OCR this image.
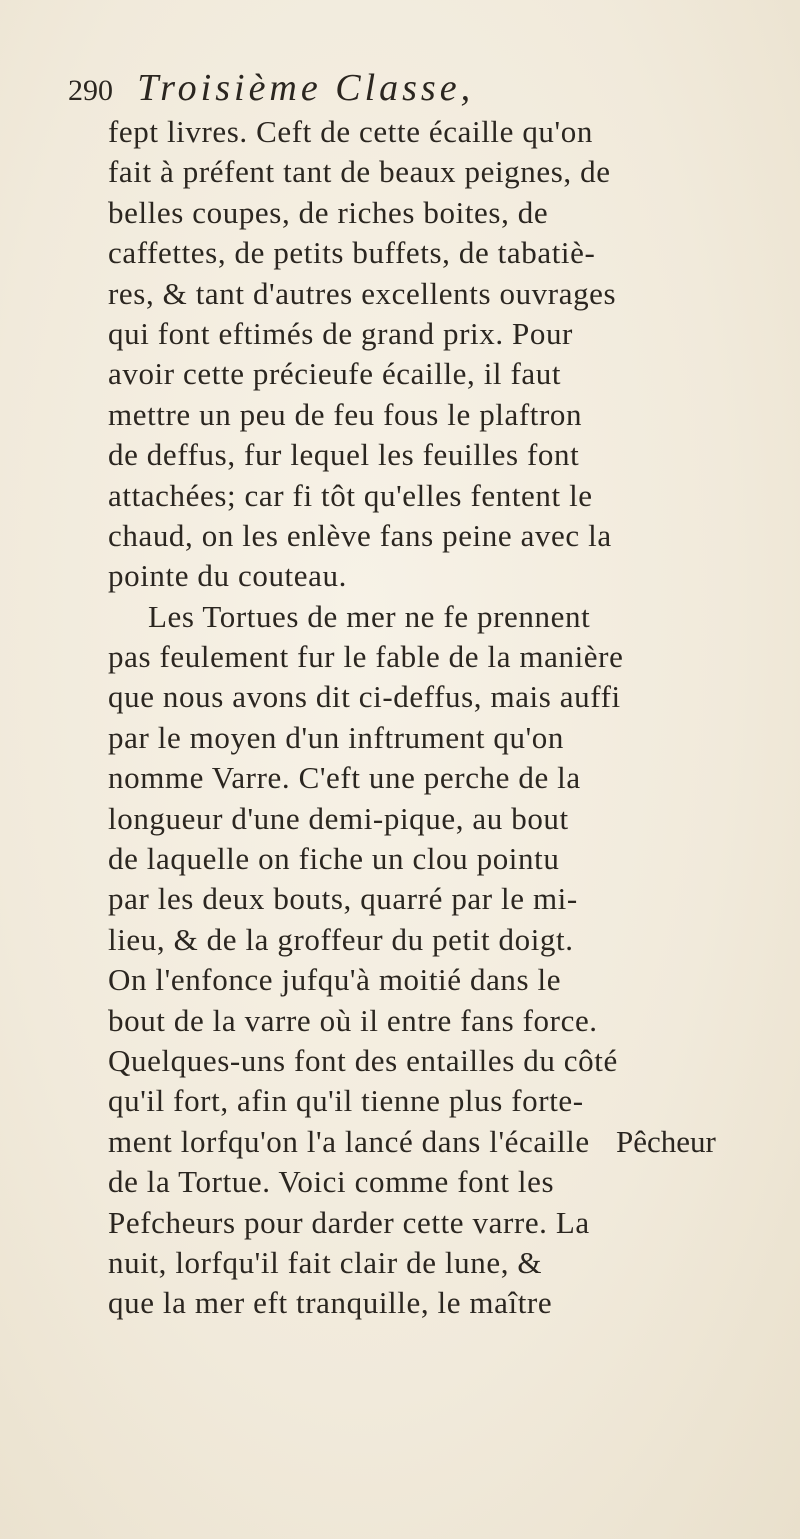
290 Troisième Classe,
fept livres. Ceft de cette écaille qu'on
fait à préfent tant de beaux peignes, de
belles coupes, de riches boites, de
caffettes, de petits buffets, de tabatiè-
res, & tant d'autres excellents ouvrages
qui font eftimés de grand prix. Pour
avoir cette précieufe écaille, il faut
mettre un peu de feu fous le plaftron
de deffus, fur lequel les feuilles font
attachées; car fi tôt qu'elles fentent le
chaud, on les enlève fans peine avec la
pointe du couteau.
Les Tortues de mer ne fe prennent
pas feulement fur le fable de la manière
que nous avons dit ci-deffus, mais auffi
par le moyen d'un inftrument qu'on
nomme Varre. C'eft une perche de la
longueur d'une demi-pique, au bout
de laquelle on fiche un clou pointu
par les deux bouts, quarré par le mi-
lieu, & de la groffeur du petit doigt.
On l'enfonce jufqu'à moitié dans le
bout de la varre où il entre fans force.
Quelques-uns font des entailles du côté
qu'il fort, afin qu'il tienne plus forte-
ment lorfqu'on l'a lancé dans l'écaille
de la Tortue. Voici comme font les
Pefcheurs pour darder cette varre. La
nuit, lorfqu'il fait clair de lune, &
que la mer eft tranquille, le maître
Pêcheur
